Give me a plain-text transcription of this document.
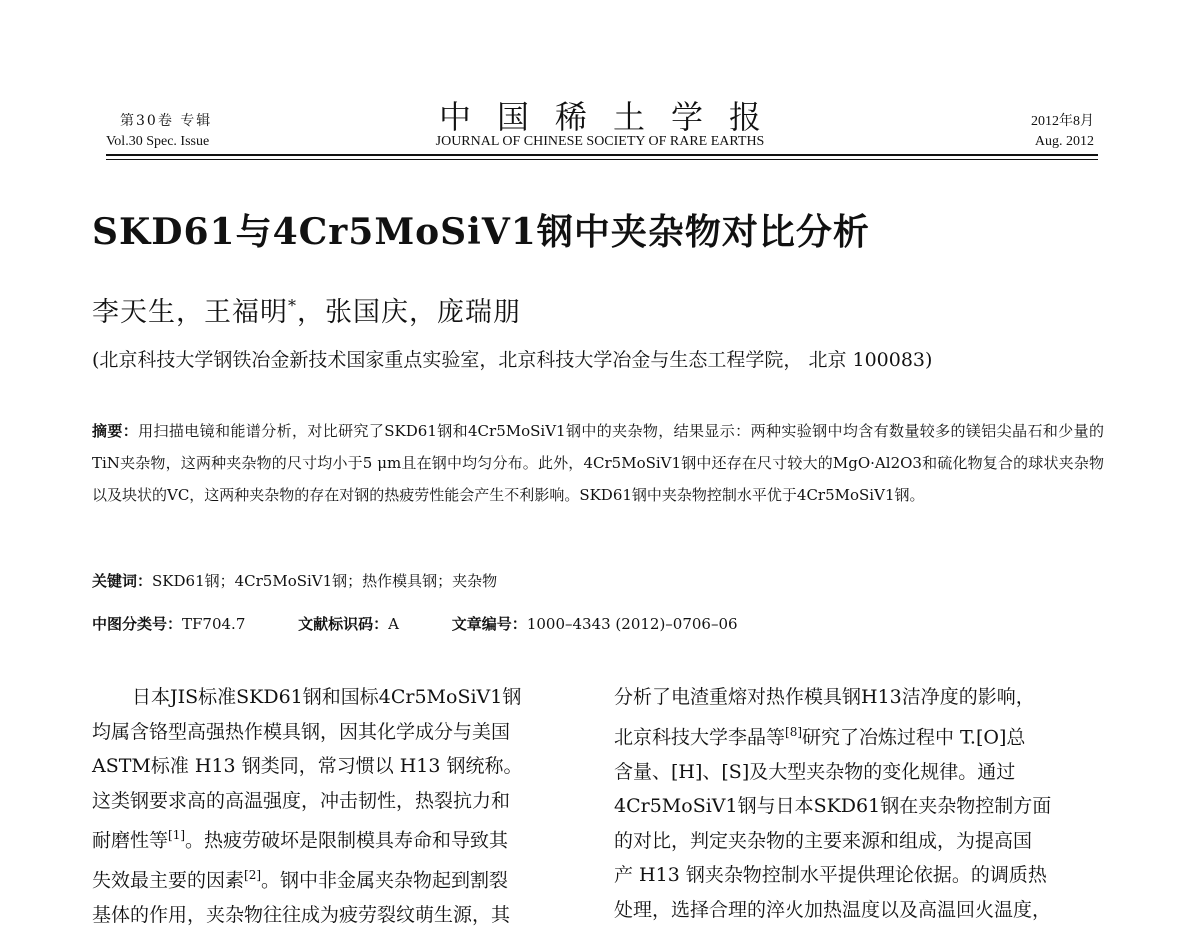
第30卷 专辑
Vol.30 Spec. Issue
中国稀土学报
JOURNAL OF CHINESE SOCIETY OF RARE EARTHS
2012年8月
Aug. 2012
SKD61与4Cr5MoSiV1钢中夹杂物对比分析
李天生，王福明*，张国庆，庞瑞朋
(北京科技大学钢铁冶金新技术国家重点实验室，北京科技大学冶金与生态工程学院， 北京 100083)
摘要：用扫描电镜和能谱分析，对比研究了SKD61钢和4Cr5MoSiV1钢中的夹杂物，结果显示：两种实验钢中均含有数量较多的镁铝尖晶石和少量的TiN夹杂物，这两种夹杂物的尺寸均小于5 μm且在钢中均匀分布。此外，4Cr5MoSiV1钢中还存在尺寸较大的MgO·Al2O3和硫化物复合的球状夹杂物以及块状的VC，这两种夹杂物的存在对钢的热疲劳性能会产生不利影响。SKD61钢中夹杂物控制水平优于4Cr5MoSiV1钢。
关键词：SKD61钢；4Cr5MoSiV1钢；热作模具钢；夹杂物
中图分类号：TF704.7	文献标识码：A	文章编号：1000–4343 (2012)–0706–06
日本JIS标准SKD61钢和国标4Cr5MoSiV1钢
均属含铬型高强热作模具钢，因其化学成分与美国
ASTM标准 H13 钢类同，常习惯以 H13 钢统称。
这类钢要求高的高温强度，冲击韧性，热裂抗力和
耐磨性等[1]。热疲劳破坏是限制模具寿命和导致其
失效最主要的因素[2]。钢中非金属夹杂物起到割裂
基体的作用，夹杂物往往成为疲劳裂纹萌生源，其
分析了电渣重熔对热作模具钢H13洁净度的影响，
北京科技大学李晶等[8]研究了冶炼过程中 T.[O]总
含量、[H]、[S]及大型夹杂物的变化规律。通过
4Cr5MoSiV1钢与日本SKD61钢在夹杂物控制方面
的对比，判定夹杂物的主要来源和组成，为提高国
产 H13 钢夹杂物控制水平提供理论依据。的调质热
处理，选择合理的淬火加热温度以及高温回火温度，
